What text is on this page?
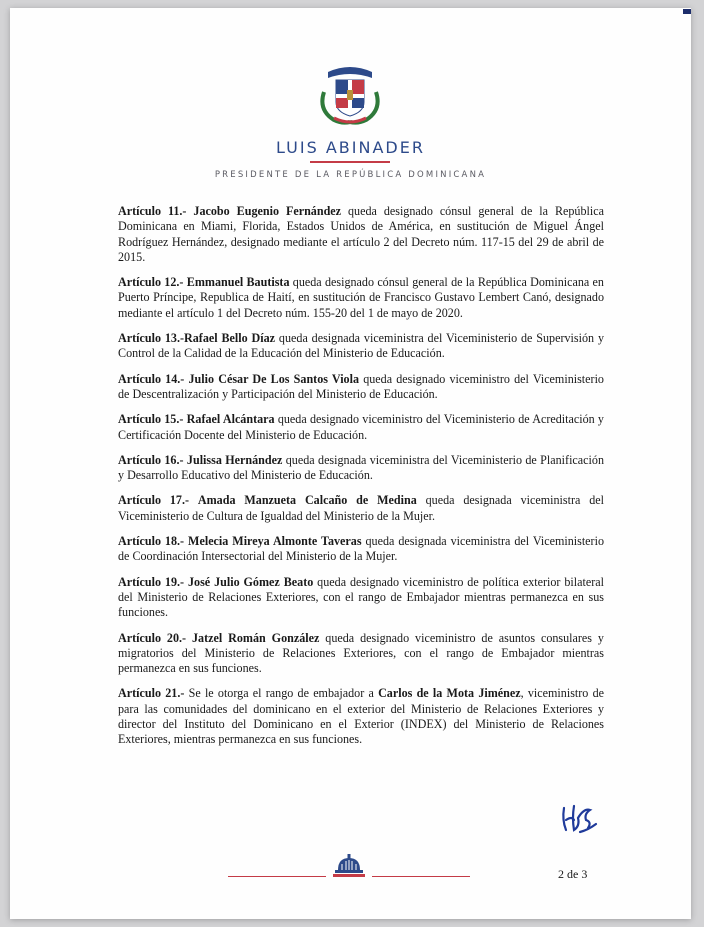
LUIS ABINADER
PRESIDENTE DE LA REPÚBLICA DOMINICANA

Artículo 11.- Jacobo Eugenio Fernández queda designado cónsul general de la República Dominicana en Miami, Florida, Estados Unidos de América, en sustitución de Miguel Ángel Rodríguez Hernández, designado mediante el artículo 2 del Decreto núm. 117-15 del 29 de abril de 2015.

Artículo 12.- Emmanuel Bautista queda designado cónsul general de la República Dominicana en Puerto Príncipe, Republica de Haití, en sustitución de Francisco Gustavo Lembert Canó, designado mediante el artículo 1 del Decreto núm. 155-20 del 1 de mayo de 2020.

Artículo 13.-Rafael Bello Díaz queda designada viceministra del Viceministerio de Supervisión y Control de la Calidad de la Educación del Ministerio de Educación.

Artículo 14.- Julio César De Los Santos Viola queda designado viceministro del Viceministerio de Descentralización y Participación del Ministerio de Educación.

Artículo 15.- Rafael Alcántara queda designado viceministro del Viceministerio de Acreditación y Certificación Docente del Ministerio de Educación.

Artículo 16.- Julissa Hernández queda designada viceministra del Viceministerio de Planificación y Desarrollo Educativo del Ministerio de Educación.

Artículo 17.- Amada Manzueta Calcaño de Medina queda designada viceministra del Viceministerio de Cultura de Igualdad del Ministerio de la Mujer.

Artículo 18.- Melecia Mireya Almonte Taveras queda designada viceministra del Viceministerio de Coordinación Intersectorial del Ministerio de la Mujer.

Artículo 19.- José Julio Gómez Beato queda designado viceministro de política exterior bilateral del Ministerio de Relaciones Exteriores, con el rango de Embajador mientras permanezca en sus funciones.

Artículo 20.- Jatzel Román González queda designado viceministro de asuntos consulares y migratorios del Ministerio de Relaciones Exteriores, con el rango de Embajador mientras permanezca en sus funciones.

Artículo 21.- Se le otorga el rango de embajador a Carlos de la Mota Jiménez, viceministro de para las comunidades del dominicano en el exterior del Ministerio de Relaciones Exteriores y director del Instituto del Dominicano en el Exterior (INDEX) del Ministerio de Relaciones Exteriores, mientras permanezca en sus funciones.

2 de 3
